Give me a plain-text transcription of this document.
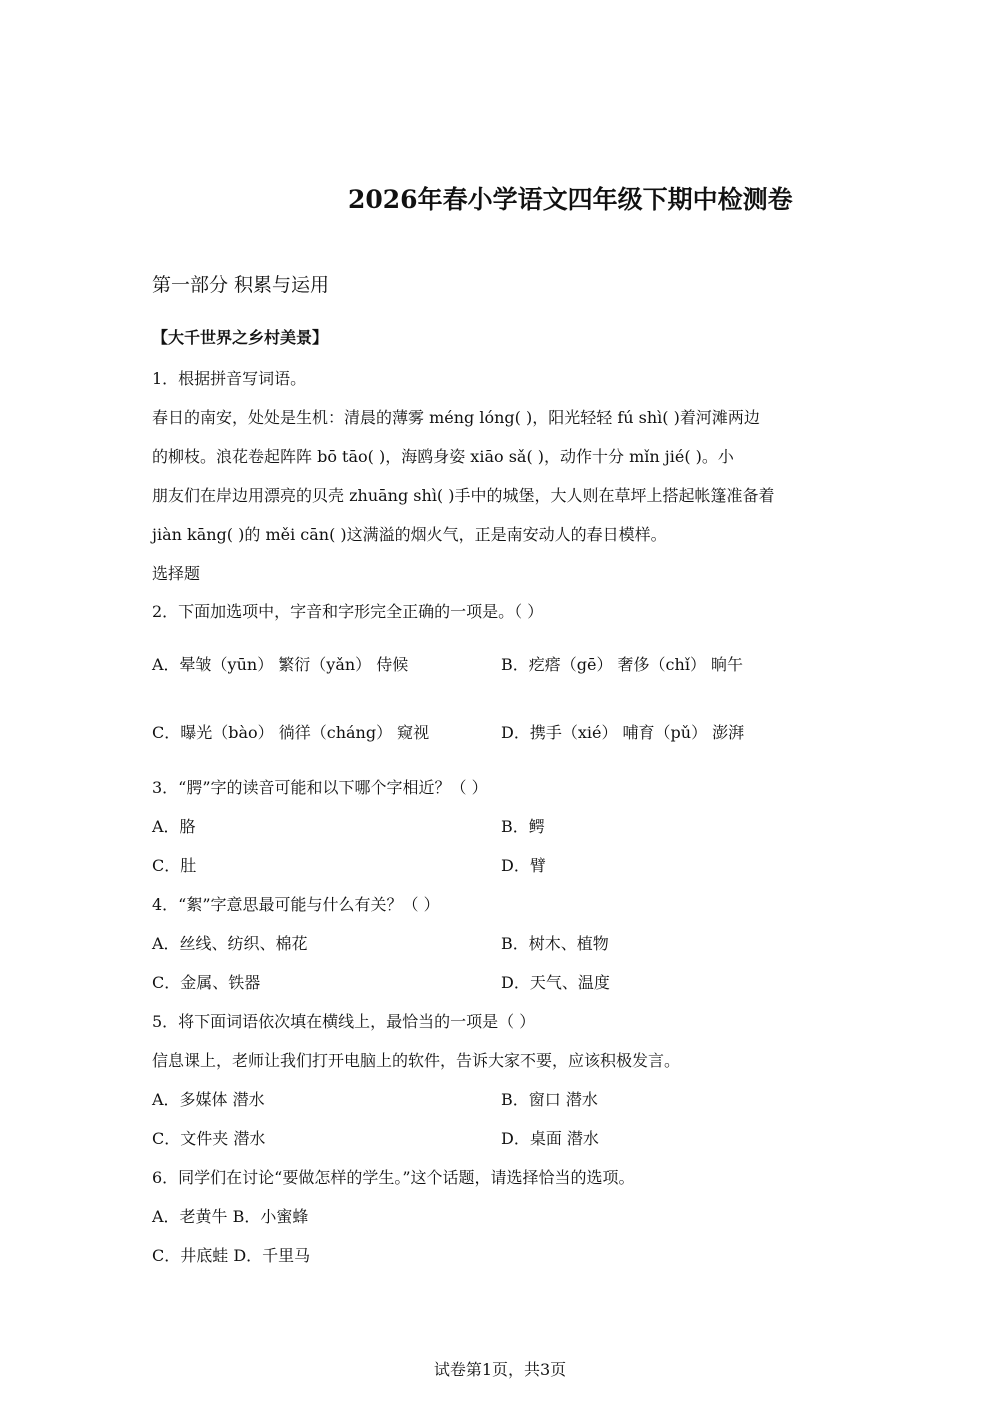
2026年春小学语文四年级下期中检测卷
第一部分 积累与运用
【大千世界之乡村美景】
1．根据拼音写词语。
春日的南安，处处是生机：清晨的薄雾 méng lóng( )，阳光轻轻 fú shì( )着河滩两边
的柳枝。浪花卷起阵阵 bō tāo( )，海鸥身姿 xiāo sǎ( )，动作十分 mǐn jié( )。小
朋友们在岸边用漂亮的贝壳 zhuāng shì( )手中的城堡，大人则在草坪上搭起帐篷准备着
jiàn kāng( )的 měi cān( )这满溢的烟火气，正是南安动人的春日模样。
选择题
2．下面加选项中，字音和字形完全正确的一项是。（ ）
A．晕皱（yūn） 繁衍（yǎn） 侍候	B．疙瘩（gē） 奢侈（chǐ） 晌午
C．曝光（bào） 徜徉（cháng） 窥视	D．携手（xié） 哺育（pǔ） 澎湃
3．“腭”字的读音可能和以下哪个字相近？（ ）
A．胳	B．鳄
C．肚	D．臂
4．“絮”字意思最可能与什么有关？（ ）
A．丝线、纺织、棉花	B．树木、植物
C．金属、铁器	D．天气、温度
5．将下面词语依次填在横线上，最恰当的一项是（ ）
信息课上，老师让我们打开电脑上的软件，告诉大家不要，应该积极发言。
A．多媒体 潜水	B．窗口 潜水
C．文件夹 潜水	D．桌面 潜水
6．同学们在讨论“要做怎样的学生。”这个话题，请选择恰当的选项。
A．老黄牛 B．小蜜蜂
C．井底蛙 D．千里马
试卷第1页，共3页
